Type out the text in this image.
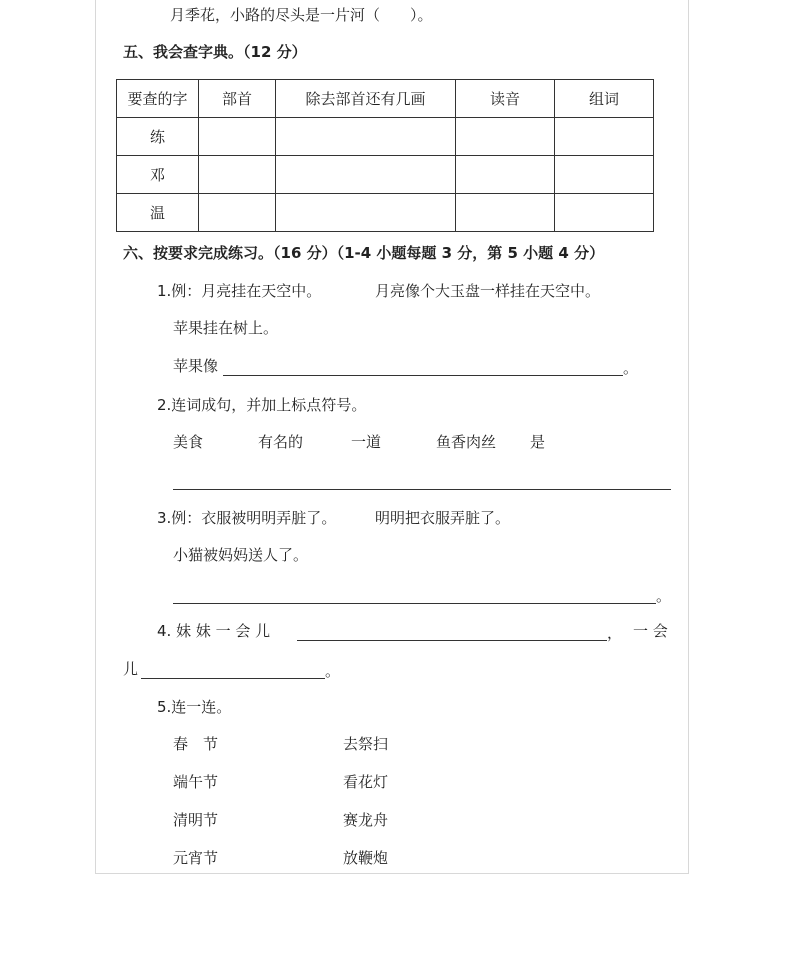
月季花，小路的尽头是一片河（　　）。
五、我会查字典。（12 分）
要查的字	部首	除去部首还有几画	读音	组词
练				
邓				
温				
六、按要求完成练习。（16 分）（1-4 小题每题 3 分，第 5 小题 4 分）
1.例：月亮挂在天空中。	月亮像个大玉盘一样挂在天空中。
苹果挂在树上。
苹果像	。
2.连词成句，并加上标点符号。
美食	有名的	一道	鱼香肉丝 是
3.例：衣服被明明弄脏了。	明明把衣服弄脏了。
小猫被妈妈送人了。
。
4. 妹 妹 一 会 儿	， 一 会
儿	。
5.连一连。
春　节	去祭扫
端午节	看花灯
清明节	赛龙舟
元宵节	放鞭炮
